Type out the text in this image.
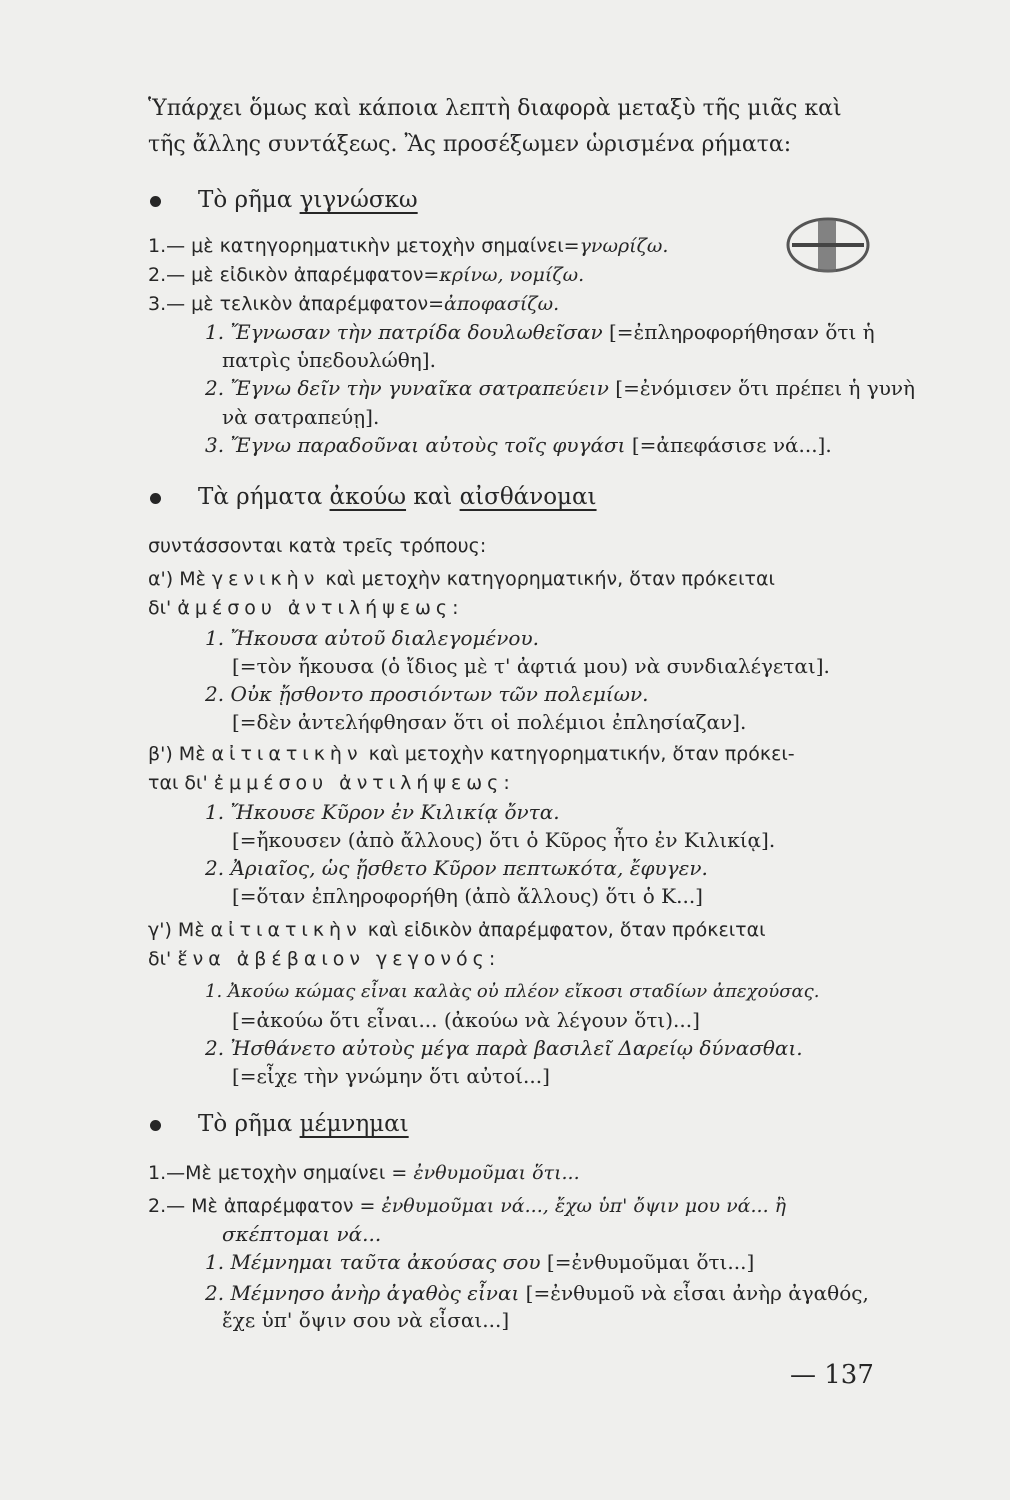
Ὑπάρχει ὅμως καὶ κάποια λεπτὴ διαφορὰ μεταξὺ τῆς μιᾶς καὶ
τῆς ἄλλης συντάξεως. Ἂς προσέξωμεν ὡρισμένα ρήματα:
Τὸ ρῆμα γιγνώσκω
1.— μὲ κατηγορηματικὴν μετοχὴν σημαίνει=γνωρίζω.
2.— μὲ εἰδικὸν ἀπαρέμφατον=κρίνω, νομίζω.
3.— μὲ τελικὸν ἀπαρέμφατον=ἀποφασίζω.
1. Ἔγνωσαν τὴν πατρίδα δουλωθεῖσαν [=ἐπληροφορήθησαν ὅτι ἡ
πατρὶς ὑπεδουλώθη].
2. Ἔγνω δεῖν τὴν γυναῖκα σατραπεύειν [=ἐνόμισεν ὅτι πρέπει ἡ γυνὴ
νὰ σατραπεύῃ].
3. Ἔγνω παραδοῦναι αὐτοὺς τοῖς φυγάσι [=ἀπεφάσισε νά...].
Τὰ ρήματα ἀκούω καὶ αἰσθάνομαι
συντάσσονται κατὰ τρεῖς τρόπους:
α') Μὲ γενικὴν καὶ μετοχὴν κατηγορηματικήν, ὅταν πρόκειται
δι' ἀμέσου ἀντιλήψεως:
1. Ἤκουσα αὐτοῦ διαλεγομένου.
[=τὸν ἤκουσα (ὁ ἴδιος μὲ τ' ἀφτιά μου) νὰ συνδιαλέγεται].
2. Οὐκ ᾔσθοντο προσιόντων τῶν πολεμίων.
[=δὲν ἀντελήφθησαν ὅτι οἱ πολέμιοι ἐπλησίαζαν].
β') Μὲ αἰτιατικὴν καὶ μετοχὴν κατηγορηματικήν, ὅταν πρόκει-
ται δι' ἐμμέσου ἀντιλήψεως:
1. Ἤκουσε Κῦρον ἐν Κιλικίᾳ ὄντα.
[=ἤκουσεν (ἀπὸ ἄλλους) ὅτι ὁ Κῦρος ἦτο ἐν Κιλικίᾳ].
2. Ἀριαῖος, ὡς ᾔσθετο Κῦρον πεπτωκότα, ἔφυγεν.
[=ὅταν ἐπληροφορήθη (ἀπὸ ἄλλους) ὅτι ὁ Κ...]
γ') Μὲ αἰτιατικὴν καὶ εἰδικὸν ἀπαρέμφατον, ὅταν πρόκειται
δι' ἕνα ἀβέβαιον γεγονός:
1. Ἀκούω κώμας εἶναι καλὰς οὐ πλέον εἴκοσι σταδίων ἀπεχούσας.
[=ἀκούω ὅτι εἶναι... (ἀκούω νὰ λέγουν ὅτι)...]
2. Ἠσθάνετο αὐτοὺς μέγα παρὰ βασιλεῖ Δαρείῳ δύνασθαι.
[=εἶχε τὴν γνώμην ὅτι αὐτοί...]
Τὸ ρῆμα μέμνημαι
1.—Μὲ μετοχὴν σημαίνει = ἐνθυμοῦμαι ὅτι...
2.— Μὲ ἀπαρέμφατον = ἐνθυμοῦμαι νά..., ἔχω ὑπ' ὄψιν μου νά... ἢ
σκέπτομαι νά...
1. Μέμνημαι ταῦτα ἀκούσας σου [=ἐνθυμοῦμαι ὅτι...]
2. Μέμνησο ἀνὴρ ἀγαθὸς εἶναι [=ἐνθυμοῦ νὰ εἶσαι ἀνὴρ ἀγαθός,
ἔχε ὑπ' ὄψιν σου νὰ εἶσαι...]
— 137
